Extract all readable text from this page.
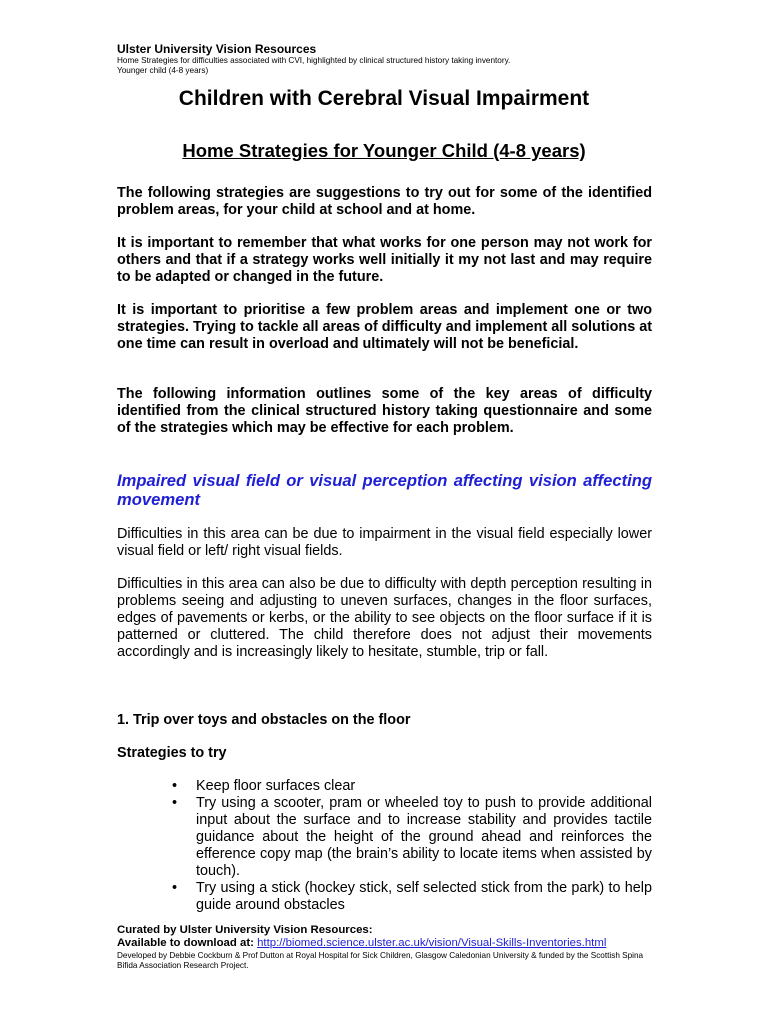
Ulster University Vision Resources
Home Strategies for difficulties associated with CVI, highlighted by clinical structured history taking inventory.
Younger child (4-8 years)
Children with Cerebral Visual Impairment
Home Strategies for Younger Child (4-8 years)
The following strategies are suggestions to try out for some of the identified problem areas, for your child at school and at home.
It is important to remember that what works for one person may not work for others and that if a strategy works well initially it my not last and may require to be adapted or changed in the future.
It is important to prioritise a few problem areas and implement one or two strategies. Trying to tackle all areas of difficulty and implement all solutions at one time can result in overload and ultimately will not be beneficial.
The following information outlines some of the key areas of difficulty identified from the clinical structured history taking questionnaire and some of the strategies which may be effective for each problem.
Impaired visual field or visual perception affecting vision affecting movement
Difficulties in this area can be due to impairment in the visual field especially lower visual field or left/ right visual fields.
Difficulties in this area can also be due to difficulty with depth perception resulting in problems seeing and adjusting to uneven surfaces, changes in the floor surfaces, edges of pavements or kerbs, or the ability to see objects on the floor surface if it is patterned or cluttered. The child therefore does not adjust their movements accordingly and is increasingly likely to hesitate, stumble, trip or fall.
1. Trip over toys and obstacles on the floor
Strategies to try
• Keep floor surfaces clear
• Try using a scooter, pram or wheeled toy to push to provide additional input about the surface and to increase stability and provides tactile guidance about the height of the ground ahead and reinforces the efference copy map (the brain’s ability to locate items when assisted by touch).
• Try using a stick (hockey stick, self selected stick from the park) to help guide around obstacles
Curated by Ulster University Vision Resources:
Available to download at: http://biomed.science.ulster.ac.uk/vision/Visual-Skills-Inventories.html
Developed by Debbie Cockburn & Prof Dutton at Royal Hospital for Sick Children, Glasgow Caledonian University & funded by the Scottish Spina Bifida Association Research Project.
